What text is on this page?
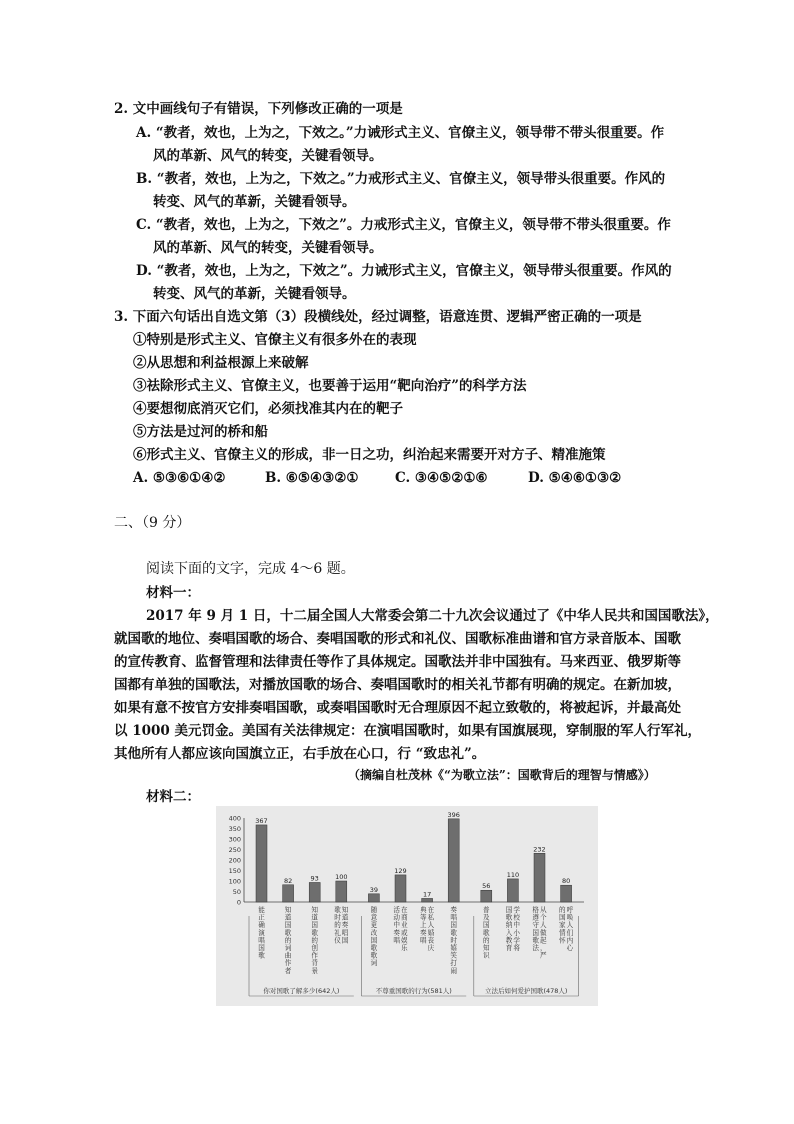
2. 文中画线句子有错误，下列修改正确的一项是
A. “教者，效也，上为之，下效之。”力诫形式主义、官僚主义，领导带不带头很重要。作
风的革新、风气的转变，关键看领导。
B. “教者，效也，上为之，下效之。”力戒形式主义、官僚主义，领导带头很重要。作风的
转变、风气的革新，关键看领导。
C. “教者，效也，上为之，下效之”。力戒形式主义，官僚主义，领导带不带头很重要。作
风的革新、风气的转变，关键看领导。
D. “教者，效也，上为之，下效之”。力诫形式主义，官僚主义，领导带头很重要。作风的
转变、风气的革新，关键看领导。
3. 下面六句话出自选文第（3）段横线处，经过调整，语意连贯、逻辑严密正确的一项是
①特别是形式主义、官僚主义有很多外在的表现
②从思想和利益根源上来破解
③祛除形式主义、官僚主义，也要善于运用“靶向治疗”的科学方法
④要想彻底消灭它们，必须找准其内在的靶子
⑤方法是过河的桥和船
⑥形式主义、官僚主义的形成，非一日之功，纠治起来需要开对方子、精准施策
A. ⑤③⑥①④②	B. ⑥⑤④③②①	C. ③④⑤②①⑥	D. ⑤④⑥①③②
二、（9 分）
阅读下面的文字，完成 4～6 题。
材料一：
2017 年 9 月 1 日，十二届全国人大常委会第二十九次会议通过了《中华人民共和国国歌法》，
就国歌的地位、奏唱国歌的场合、奏唱国歌的形式和礼仪、国歌标准曲谱和官方录音版本、国歌
的宣传教育、监督管理和法律责任等作了具体规定。国歌法并非中国独有。马来西亚、俄罗斯等
国都有单独的国歌法，对播放国歌的场合、奏唱国歌时的相关礼节都有明确的规定。在新加坡，
如果有意不按官方安排奏唱国歌，或奏唱国歌时无合理原因不起立致敬的，将被起诉，并最高处
以 1000 美元罚金。美国有关法律规定：在演唱国歌时，如果有国旗展现，穿制服的军人行军礼，
其他所有人都应该向国旗立正，右手放在心口，行 “致忠礼”。
（摘编自杜茂林《“为歌立法”：国歌背后的理智与情感》）
材料二：
400
350
300
250
200
150
100
50
0
367
能正确演唱国歌
82
知道国歌的词曲作者
93
知道国歌的创作背景
100
知道奏唱国
歌时的礼仪
39
随意更改国歌歌词
129
在商业或娱乐
活动中奏唱
17
在私人婚丧庆
典等上奏唱
396
奏唱国歌时嬉笑打闹
56
普及国歌的知识
110
学校中小学将
国歌纳入教育
232
从个人做起，严
格遵守国歌法
80
呼唤人们内心
的国家情怀
你对国歌了解多少(642人)	不尊重国歌的行为(581人)	立法后如何爱护国歌(478人)
